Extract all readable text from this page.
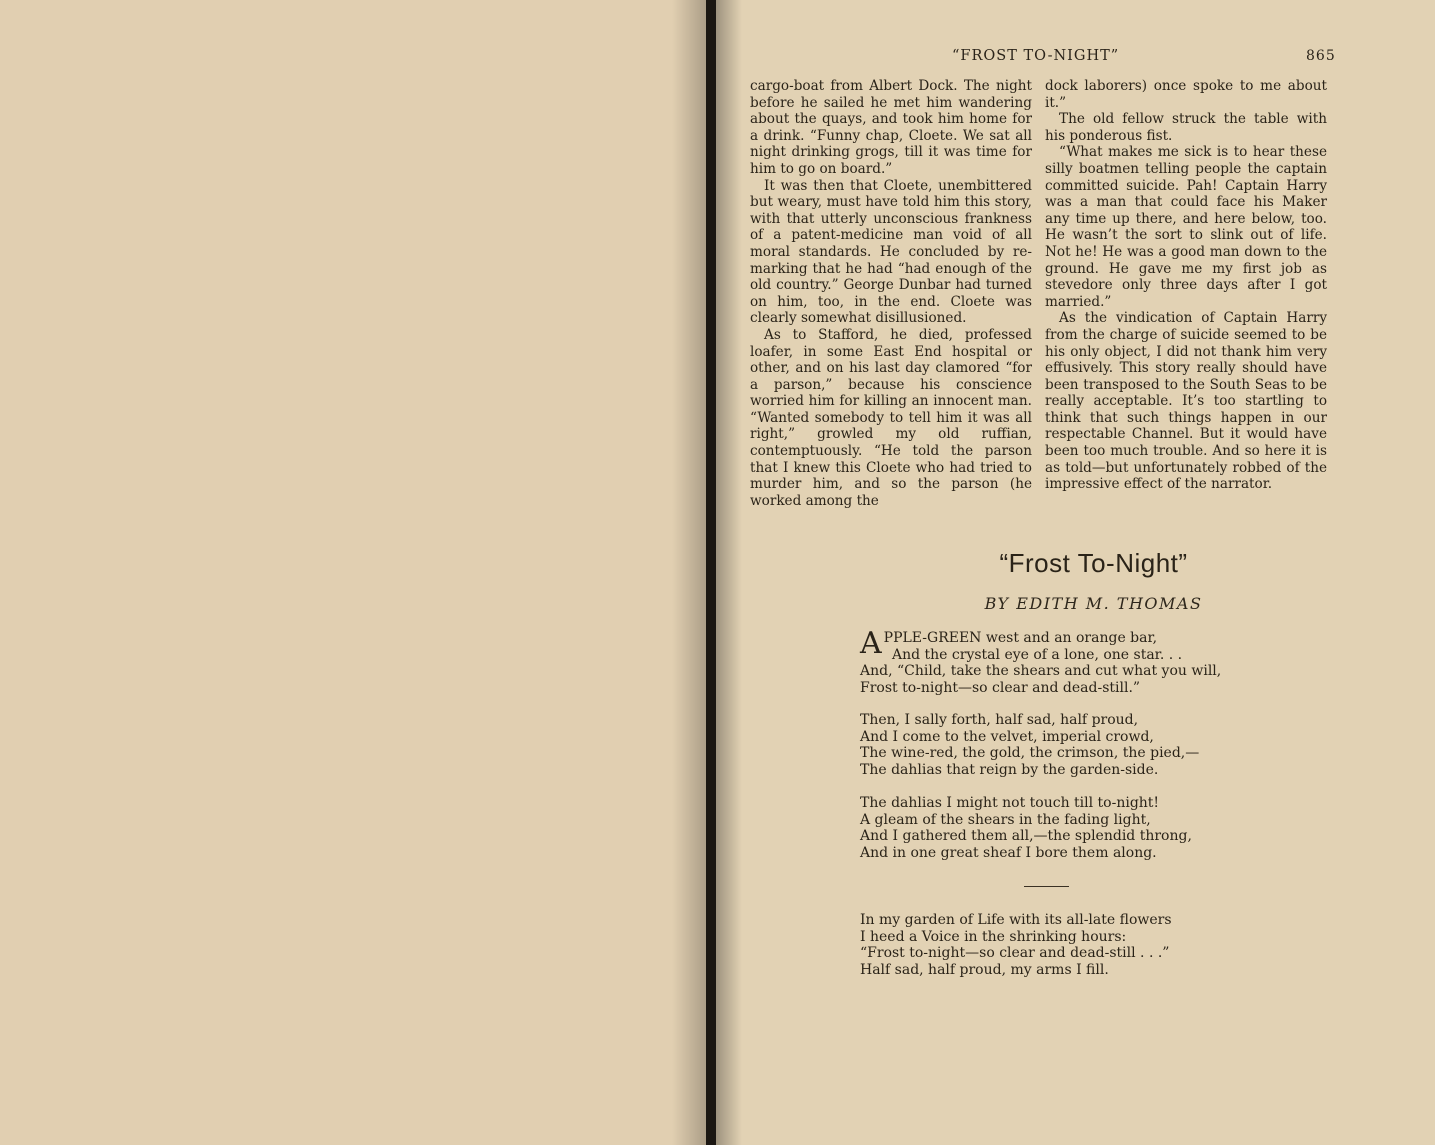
“FROST TO-NIGHT”	865

cargo-boat from Albert Dock. The night before he sailed he met him wandering about the quays, and took him home for a drink. “Funny chap, Cloete. We sat all night drinking grogs, till it was time for him to go on board.”

It was then that Cloete, unembittered but weary, must have told him this story, with that utterly unconscious frankness of a patent-medicine man void of all moral standards. He concluded by re-marking that he had “had enough of the old country.” George Dunbar had turned on him, too, in the end. Cloete was clearly somewhat disillusioned.

As to Stafford, he died, professed loafer, in some East End hospital or other, and on his last day clamored “for a parson,” because his conscience worried him for killing an innocent man. “Wanted somebody to tell him it was all right,” growled my old ruffian, contemptuously. “He told the parson that I knew this Cloete who had tried to murder him, and so the parson (he worked among the

dock laborers) once spoke to me about it.”

The old fellow struck the table with his ponderous fist.

“What makes me sick is to hear these silly boatmen telling people the captain committed suicide. Pah! Captain Harry was a man that could face his Maker any time up there, and here below, too. He wasn’t the sort to slink out of life. Not he! He was a good man down to the ground. He gave me my first job as stevedore only three days after I got married.”

As the vindication of Captain Harry from the charge of suicide seemed to be his only object, I did not thank him very effusively. This story really should have been transposed to the South Seas to be really acceptable. It’s too startling to think that such things happen in our respectable Channel. But it would have been too much trouble. And so here it is as told—but unfortunately robbed of the impressive effect of the narrator.

“Frost To-Night”
BY EDITH M. THOMAS
APPLE-GREEN west and an orange bar,
And the crystal eye of a lone, one star. . .
And, “Child, take the shears and cut what you will,
Frost to-night—so clear and dead-still.”
Then, I sally forth, half sad, half proud,
And I come to the velvet, imperial crowd,
The wine-red, the gold, the crimson, the pied,—
The dahlias that reign by the garden-side.
The dahlias I might not touch till to-night!
A gleam of the shears in the fading light,
And I gathered them all,—the splendid throng,
And in one great sheaf I bore them along.
In my garden of Life with its all-late flowers
I heed a Voice in the shrinking hours:
“Frost to-night—so clear and dead-still . . .”
Half sad, half proud, my arms I fill.
